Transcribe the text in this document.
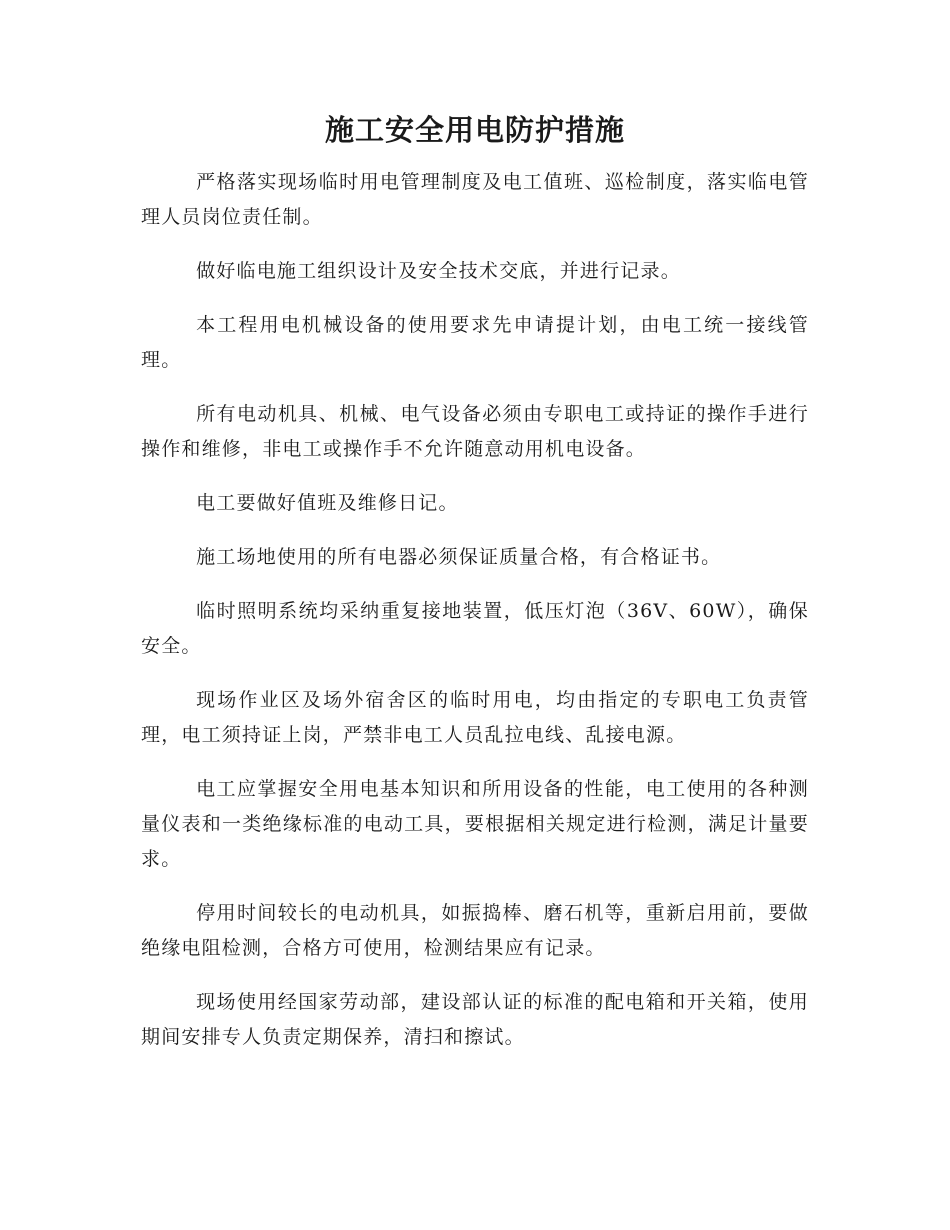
施工安全用电防护措施

严格落实现场临时用电管理制度及电工值班、巡检制度，落实临电管理人员岗位责任制。

做好临电施工组织设计及安全技术交底，并进行记录。

本工程用电机械设备的使用要求先申请提计划，由电工统一接线管理。

所有电动机具、机械、电气设备必须由专职电工或持证的操作手进行操作和维修，非电工或操作手不允许随意动用机电设备。

电工要做好值班及维修日记。

施工场地使用的所有电器必须保证质量合格，有合格证书。

临时照明系统均采纳重复接地装置，低压灯泡（36V、60W），确保安全。

现场作业区及场外宿舍区的临时用电，均由指定的专职电工负责管理，电工须持证上岗，严禁非电工人员乱拉电线、乱接电源。

电工应掌握安全用电基本知识和所用设备的性能，电工使用的各种测量仪表和一类绝缘标准的电动工具，要根据相关规定进行检测，满足计量要求。

停用时间较长的电动机具，如振捣棒、磨石机等，重新启用前，要做绝缘电阻检测，合格方可使用，检测结果应有记录。

现场使用经国家劳动部，建设部认证的标准的配电箱和开关箱，使用期间安排专人负责定期保养，清扫和擦试。
